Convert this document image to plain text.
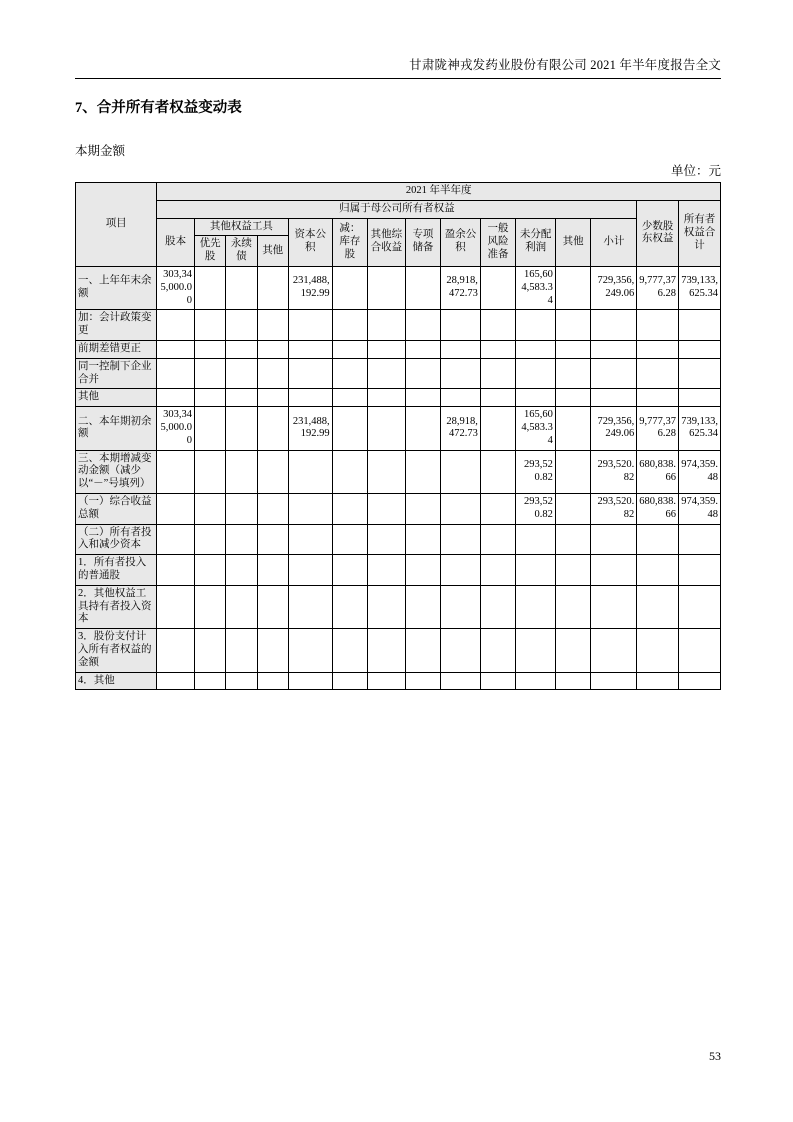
甘肃陇神戎发药业股份有限公司 2021 年半年度报告全文
7、合并所有者权益变动表
本期金额
单位：元
项目	2021 年半年度														
	归属于母公司所有者权益													少数股东权益	所有者权益合计
	股本	其他权益工具			资本公积	减：库存股	其他综合收益	专项储备	盈余公积	一般风险准备	未分配利润	其他	小计		
		优先股	永续债	其他											
一、上年年末余额	303,345,000.00				231,488,192.99				28,918,472.73		165,604,583.34		729,356,249.06	9,777,376.28	739,133,625.34
加：会计政策变更															
前期差错更正															
同一控制下企业合并															
其他															
二、本年期初余额	303,345,000.00				231,488,192.99				28,918,472.73		165,604,583.34		729,356,249.06	9,777,376.28	739,133,625.34
三、本期增减变动金额（减少以“－”号填列）											293,520.82		293,520.82	680,838.66	974,359.48
（一）综合收益总额											293,520.82		293,520.82	680,838.66	974,359.48
（二）所有者投入和减少资本															
1．所有者投入的普通股															
2．其他权益工具持有者投入资本															
3．股份支付计入所有者权益的金额															
4．其他															
53
